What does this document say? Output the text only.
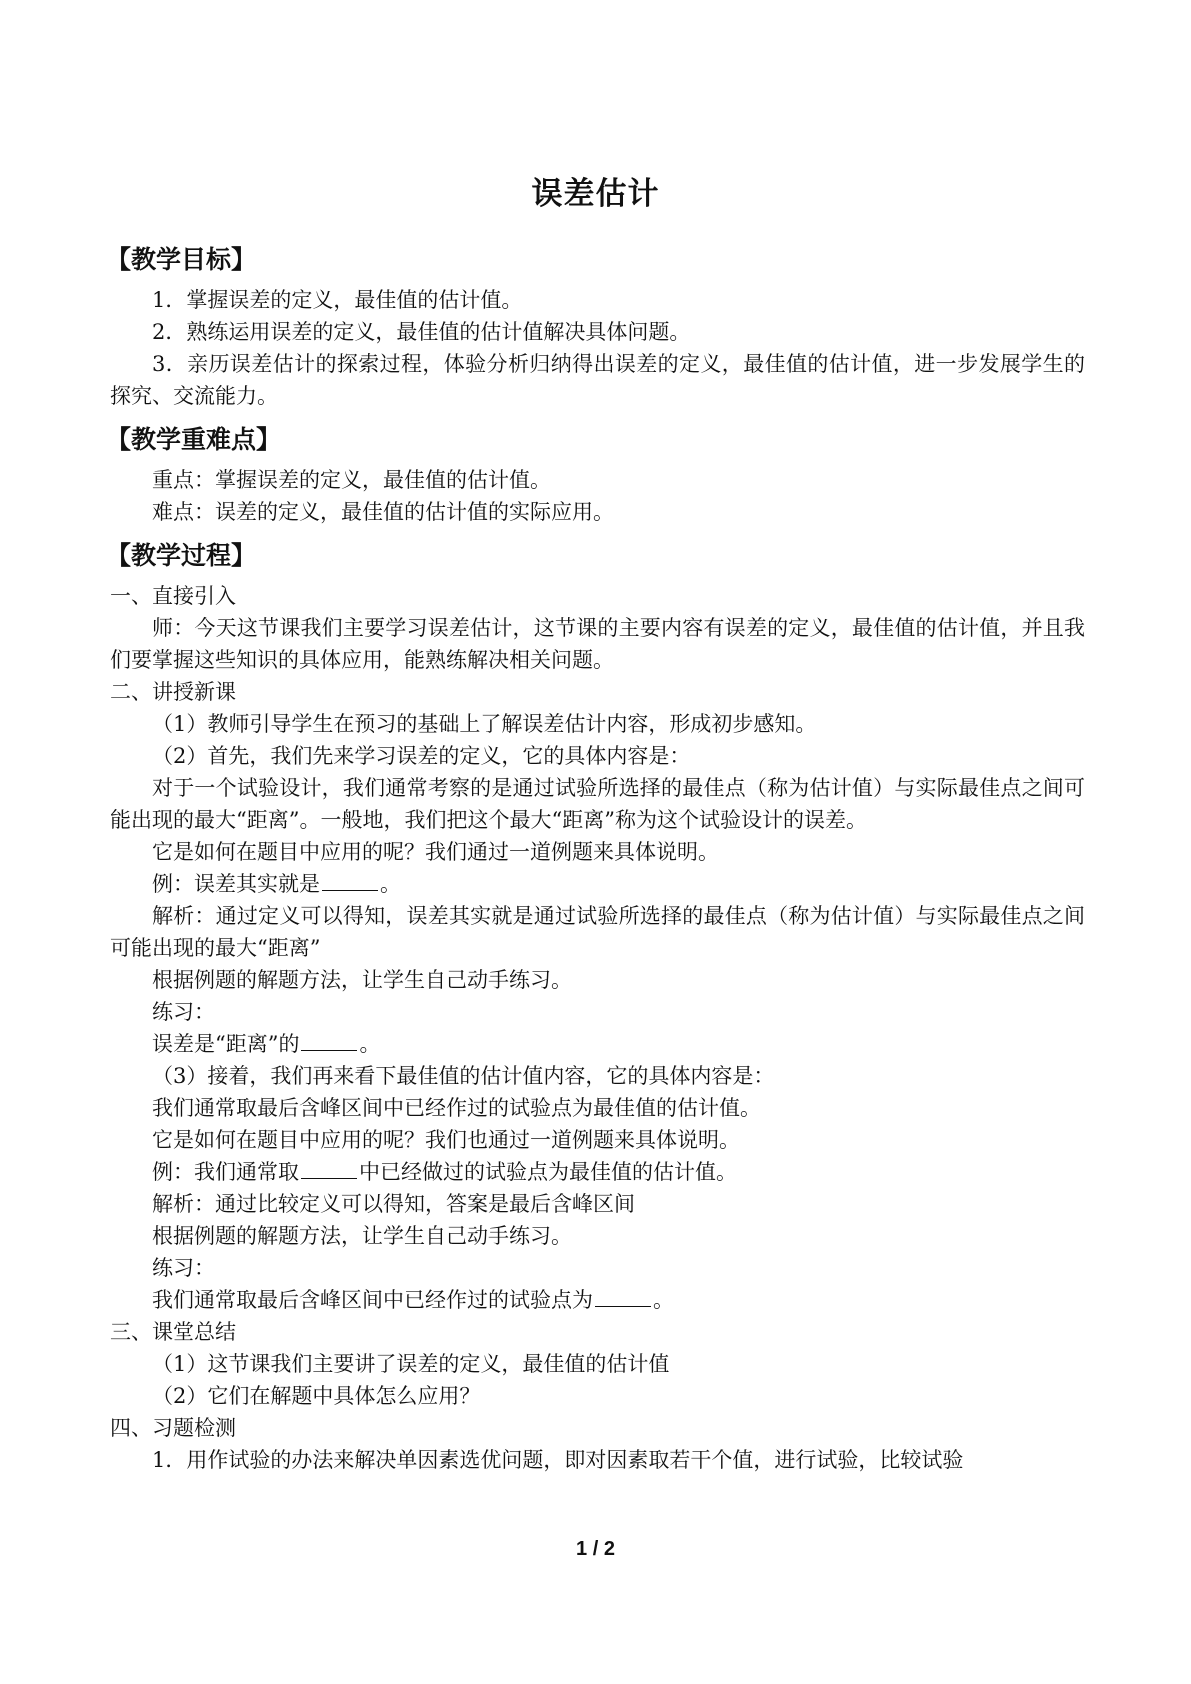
误差估计
【教学目标】

1．掌握误差的定义，最佳值的估计值。

2．熟练运用误差的定义，最佳值的估计值解决具体问题。

3．亲历误差估计的探索过程，体验分析归纳得出误差的定义，最佳值的估计值，进一步发展学生的探究、交流能力。

【教学重难点】

重点：掌握误差的定义，最佳值的估计值。

难点：误差的定义，最佳值的估计值的实际应用。

【教学过程】

一、直接引入

师：今天这节课我们主要学习误差估计，这节课的主要内容有误差的定义，最佳值的估计值，并且我们要掌握这些知识的具体应用，能熟练解决相关问题。

二、讲授新课

（1）教师引导学生在预习的基础上了解误差估计内容，形成初步感知。

（2）首先，我们先来学习误差的定义，它的具体内容是：

对于一个试验设计，我们通常考察的是通过试验所选择的最佳点（称为估计值）与实际最佳点之间可能出现的最大“距离”。一般地，我们把这个最大“距离”称为这个试验设计的误差。

它是如何在题目中应用的呢？我们通过一道例题来具体说明。

例：误差其实就是	。

解析：通过定义可以得知，误差其实就是通过试验所选择的最佳点（称为估计值）与实际最佳点之间可能出现的最大“距离”

根据例题的解题方法，让学生自己动手练习。

练习：

误差是“距离”的	。

（3）接着，我们再来看下最佳值的估计值内容，它的具体内容是：

我们通常取最后含峰区间中已经作过的试验点为最佳值的估计值。

它是如何在题目中应用的呢？我们也通过一道例题来具体说明。

例：我们通常取	中已经做过的试验点为最佳值的估计值。

解析：通过比较定义可以得知，答案是最后含峰区间

根据例题的解题方法，让学生自己动手练习。

练习：

我们通常取最后含峰区间中已经作过的试验点为	。

三、课堂总结

（1）这节课我们主要讲了误差的定义，最佳值的估计值

（2）它们在解题中具体怎么应用？

四、习题检测

1．用作试验的办法来解决单因素选优问题，即对因素取若干个值，进行试验，比较试验

1 / 2
